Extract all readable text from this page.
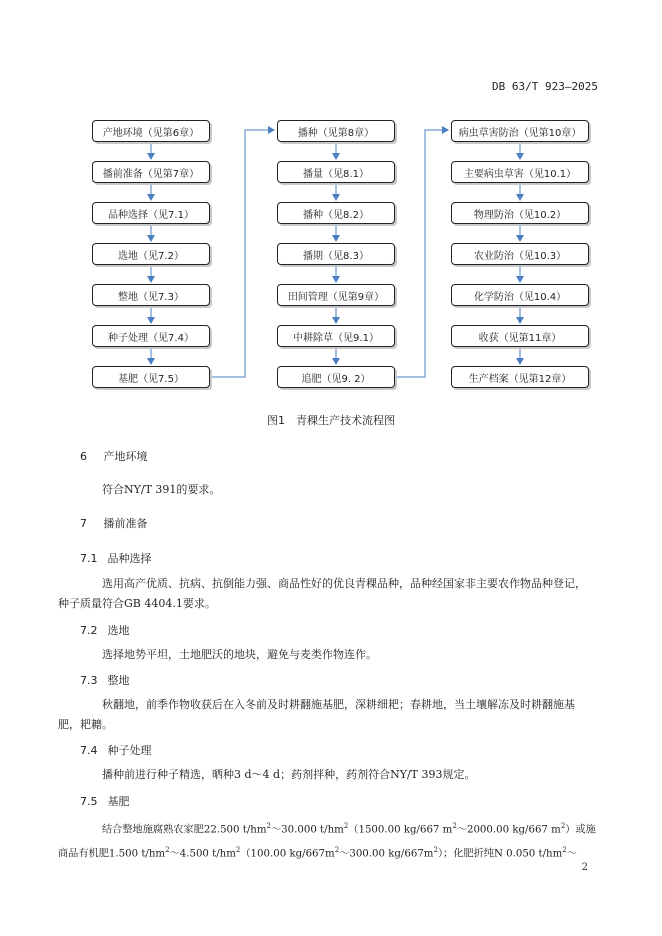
DB 63/T 923—2025
产地环境（见第6章）
播前准备（见第7章）
品种选择（见7.1）
选地（见7.2）
整地（见7.3）
种子处理（见7.4）
基肥（见7.5）
播种（见第8章）
播量（见8.1）
播种（见8.2）
播期（见8.3）
田间管理（见第9章）
中耕除草（见9.1）
追肥（见9. 2）
病虫草害防治（见第10章）
主要病虫草害（见10.1）
物理防治（见10.2）
农业防治（见10.3）
化学防治（见10.4）
收获（见第11章）
生产档案（见第12章）
图1　青稞生产技术流程图
6 产地环境
符合NY/T 391的要求。
7 播前准备
7.1 品种选择
选用高产优质、抗病、抗倒能力强、商品性好的优良青稞品种，品种经国家非主要农作物品种登记，
种子质量符合GB 4404.1要求。
7.2 选地
选择地势平坦，土地肥沃的地块，避免与麦类作物连作。
7.3 整地
秋翻地，前季作物收获后在入冬前及时耕翻施基肥，深耕细耙；春耕地，当土壤解冻及时耕翻施基
肥，耙耱。
7.4 种子处理
播种前进行种子精选，晒种3 d～4 d；药剂拌种，药剂符合NY/T 393规定。
7.5 基肥
结合整地施腐熟农家肥22.500 $t/hm^2\sim 30.000$ $t/hm^2(1500.00$ kg/667 $m^2\sim 2000.00$ kg/667 $m^2$）或施
商品有机肥1.500 $t/hm^2\sim 4.500$ $t/hm^2(100.00$ $kg/667m^2\sim 300.00$ $kg/667m^2$）；化肥折纯N 0.050 $t/hm^2\sim$
2
